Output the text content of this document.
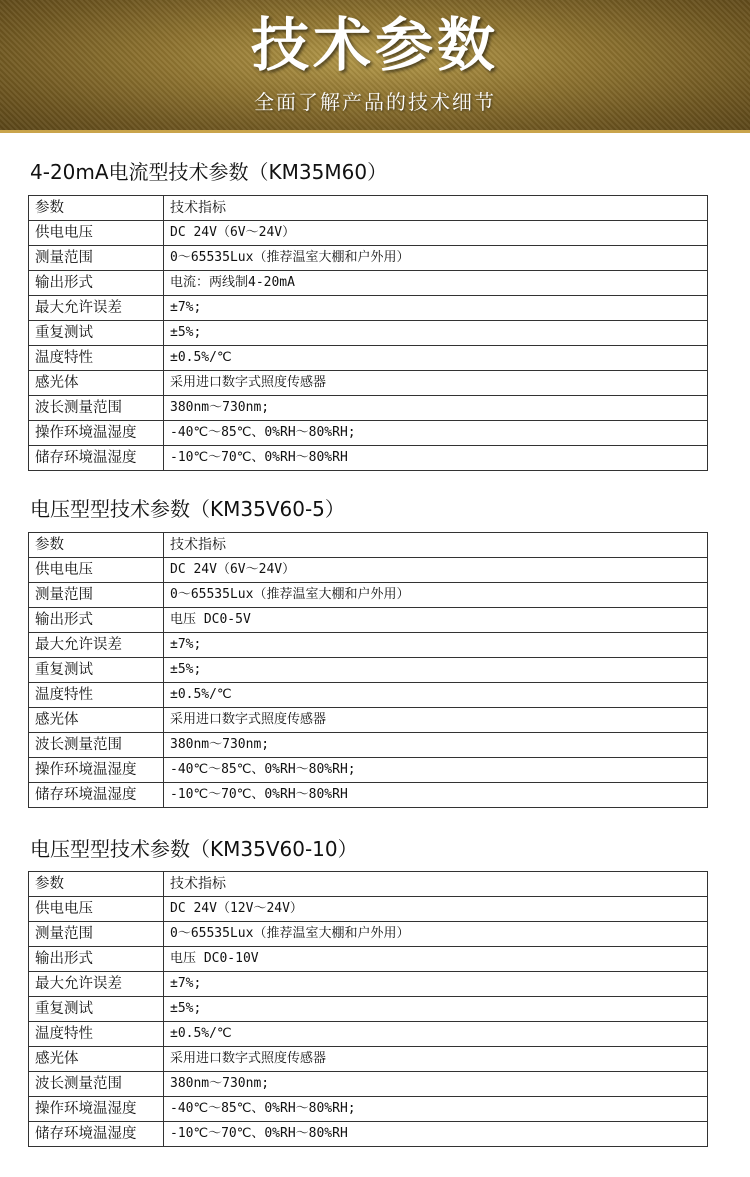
技术参数
全面了解产品的技术细节
4-20mA电流型技术参数（KM35M60）
参数	技术指标
供电电压	DC 24V（6V～24V）
测量范围	0～65535Lux（推荐温室大棚和户外用）
输出形式	电流：两线制4-20mA
最大允许误差	±7%;
重复测试	±5%;
温度特性	±0.5%/℃
感光体	采用进口数字式照度传感器
波长测量范围	380nm～730nm;
操作环境温湿度	-40℃～85℃、0%RH～80%RH;
储存环境温湿度	-10℃～70℃、0%RH～80%RH
电压型型技术参数（KM35V60-5）
参数	技术指标
供电电压	DC 24V（6V～24V）
测量范围	0～65535Lux（推荐温室大棚和户外用）
输出形式	电压 DC0-5V
最大允许误差	±7%;
重复测试	±5%;
温度特性	±0.5%/℃
感光体	采用进口数字式照度传感器
波长测量范围	380nm～730nm;
操作环境温湿度	-40℃～85℃、0%RH～80%RH;
储存环境温湿度	-10℃～70℃、0%RH～80%RH
电压型型技术参数（KM35V60-10）
参数	技术指标
供电电压	DC 24V（12V～24V）
测量范围	0～65535Lux（推荐温室大棚和户外用）
输出形式	电压 DC0-10V
最大允许误差	±7%;
重复测试	±5%;
温度特性	±0.5%/℃
感光体	采用进口数字式照度传感器
波长测量范围	380nm～730nm;
操作环境温湿度	-40℃～85℃、0%RH～80%RH;
储存环境温湿度	-10℃～70℃、0%RH～80%RH
